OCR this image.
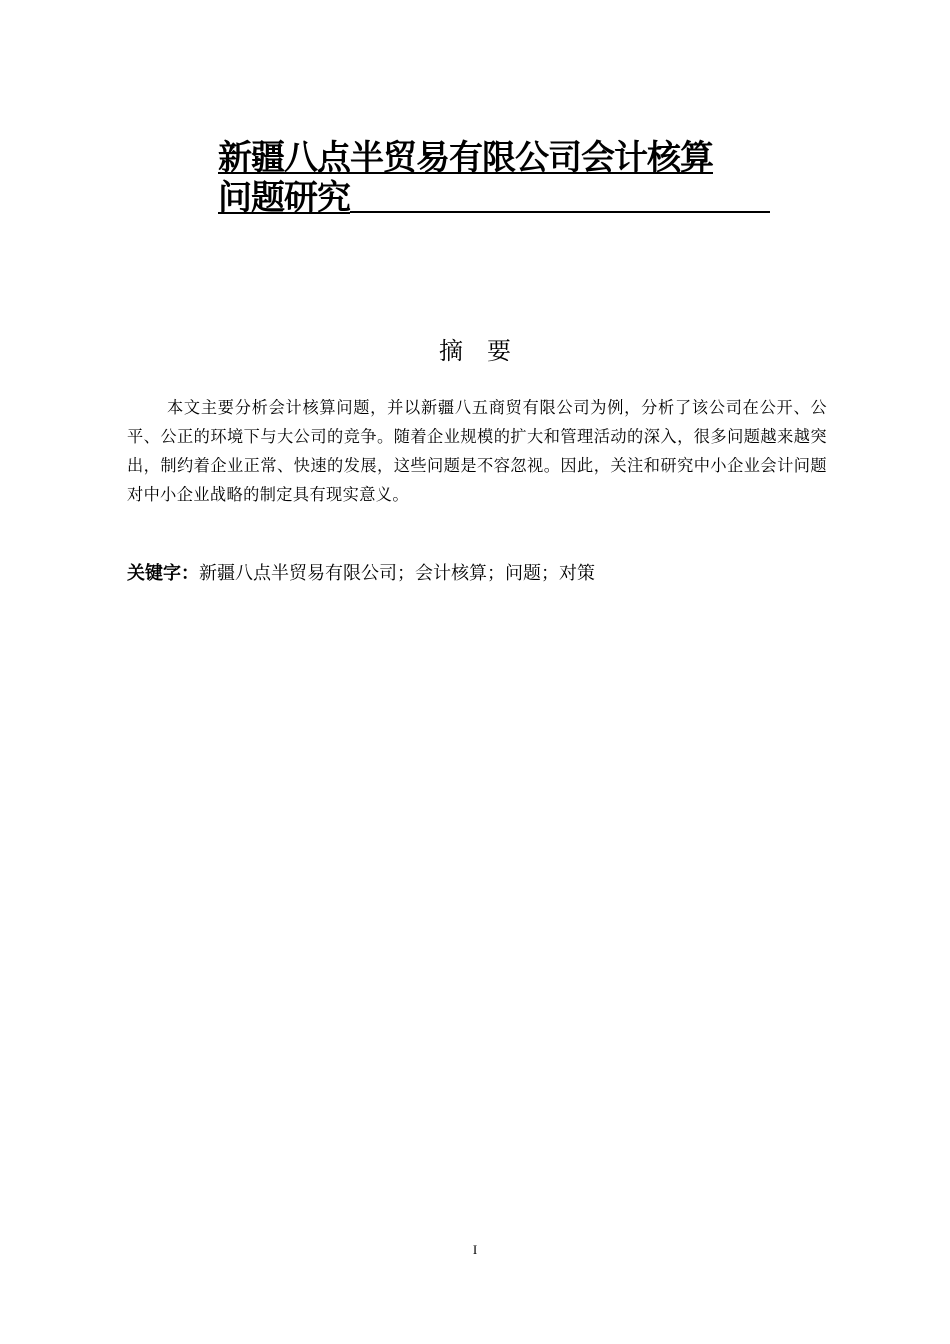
新疆八点半贸易有限公司会计核算
问题研究
摘要
本文主要分析会计核算问题，并以新疆八五商贸有限公司为例，分析了该公司在公开、公平、公正的环境下与大公司的竞争。随着企业规模的扩大和管理活动的深入，很多问题越来越突出，制约着企业正常、快速的发展，这些问题是不容忽视。因此，关注和研究中小企业会计问题对中小企业战略的制定具有现实意义。
关键字：新疆八点半贸易有限公司；会计核算；问题；对策
I
